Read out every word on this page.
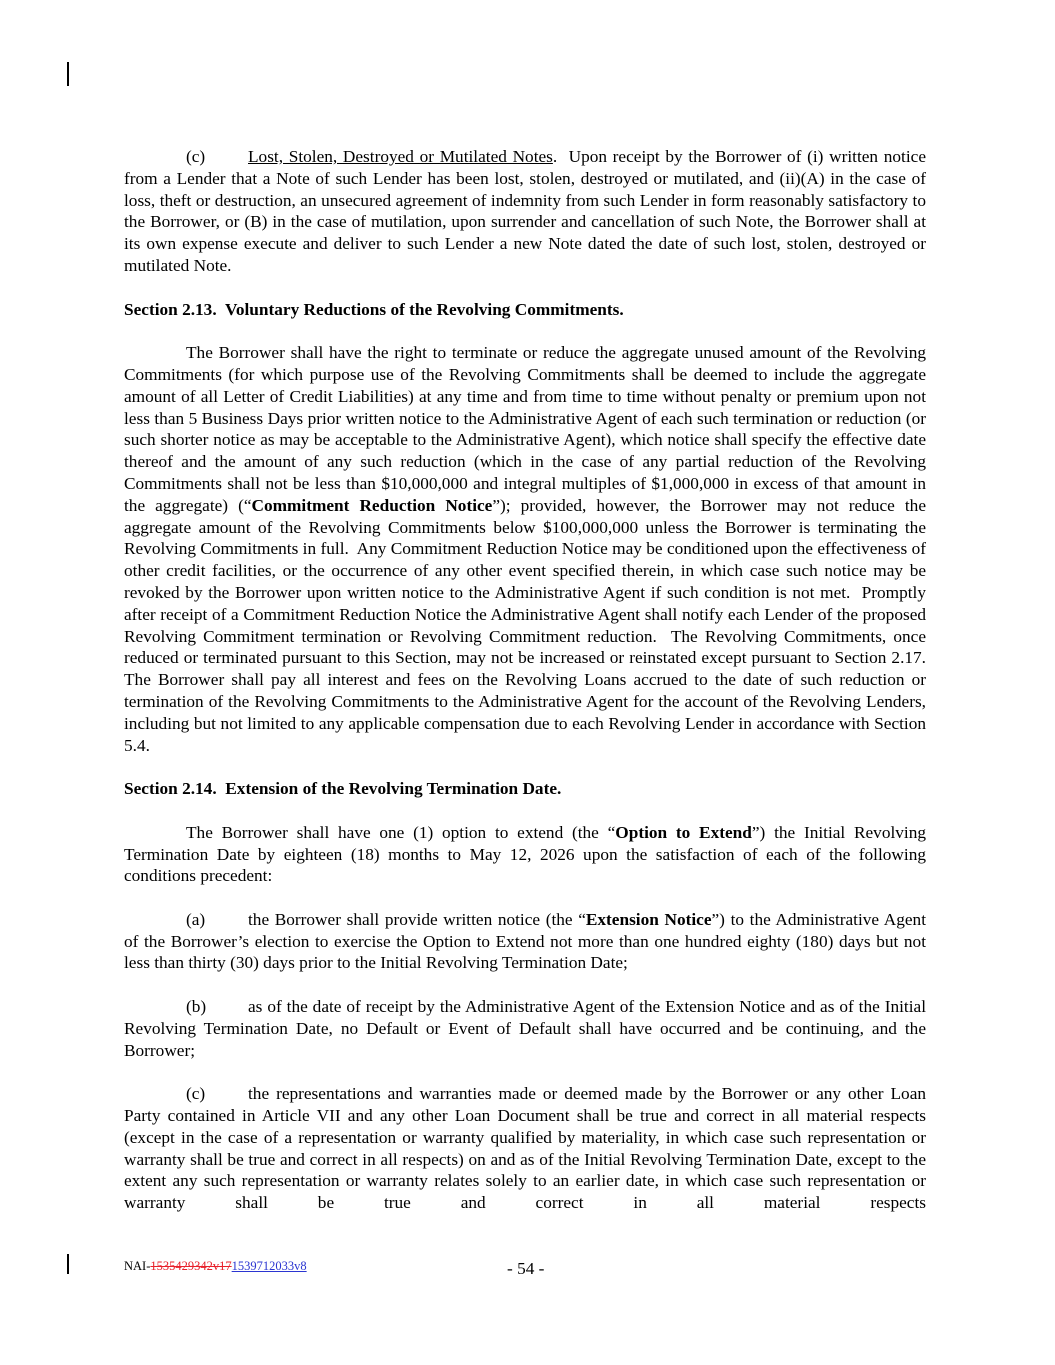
(c) Lost, Stolen, Destroyed or Mutilated Notes.  Upon receipt by the Borrower of (i) written notice from a Lender that a Note of such Lender has been lost, stolen, destroyed or mutilated, and (ii)(A) in the case of loss, theft or destruction, an unsecured agreement of indemnity from such Lender in form reasonably satisfactory to the Borrower, or (B) in the case of mutilation, upon surrender and cancellation of such Note, the Borrower shall at its own expense execute and deliver to such Lender a new Note dated the date of such lost, stolen, destroyed or mutilated Note.

Section 2.13.  Voluntary Reductions of the Revolving Commitments.

The Borrower shall have the right to terminate or reduce the aggregate unused amount of the Revolving Commitments (for which purpose use of the Revolving Commitments shall be deemed to include the aggregate amount of all Letter of Credit Liabilities) at any time and from time to time without penalty or premium upon not less than 5 Business Days prior written notice to the Administrative Agent of each such termination or reduction (or such shorter notice as may be acceptable to the Administrative Agent), which notice shall specify the effective date thereof and the amount of any such reduction (which in the case of any partial reduction of the Revolving Commitments shall not be less than $10,000,000 and integral multiples of $1,000,000 in excess of that amount in the aggregate) (“Commitment Reduction Notice”); provided, however, the Borrower may not reduce the aggregate amount of the Revolving Commitments below $100,000,000 unless the Borrower is terminating the Revolving Commitments in full.  Any Commitment Reduction Notice may be conditioned upon the effectiveness of other credit facilities, or the occurrence of any other event specified therein, in which case such notice may be revoked by the Borrower upon written notice to the Administrative Agent if such condition is not met.  Promptly after receipt of a Commitment Reduction Notice the Administrative Agent shall notify each Lender of the proposed Revolving Commitment termination or Revolving Commitment reduction.  The Revolving Commitments, once reduced or terminated pursuant to this Section, may not be increased or reinstated except pursuant to Section 2.17.  The Borrower shall pay all interest and fees on the Revolving Loans accrued to the date of such reduction or termination of the Revolving Commitments to the Administrative Agent for the account of the Revolving Lenders, including but not limited to any applicable compensation due to each Revolving Lender in accordance with Section 5.4.

Section 2.14.  Extension of the Revolving Termination Date.

The Borrower shall have one (1) option to extend (the “Option to Extend”) the Initial Revolving Termination Date by eighteen (18) months to May 12, 2026 upon the satisfaction of each of the following conditions precedent:

(a) the Borrower shall provide written notice (the “Extension Notice”) to the Administrative Agent of the Borrower’s election to exercise the Option to Extend not more than one hundred eighty (180) days but not less than thirty (30) days prior to the Initial Revolving Termination Date;

(b) as of the date of receipt by the Administrative Agent of the Extension Notice and as of the Initial Revolving Termination Date, no Default or Event of Default shall have occurred and be continuing, and the Borrower;

(c) the representations and warranties made or deemed made by the Borrower or any other Loan Party contained in Article VII and any other Loan Document shall be true and correct in all material respects (except in the case of a representation or warranty qualified by materiality, in which case such representation or warranty shall be true and correct in all respects) on and as of the Initial Revolving Termination Date, except to the extent any such representation or warranty relates solely to an earlier date, in which case such representation or warranty shall be true and correct in all material respects

NAI-1535429342v171539712033v8	- 54 -
